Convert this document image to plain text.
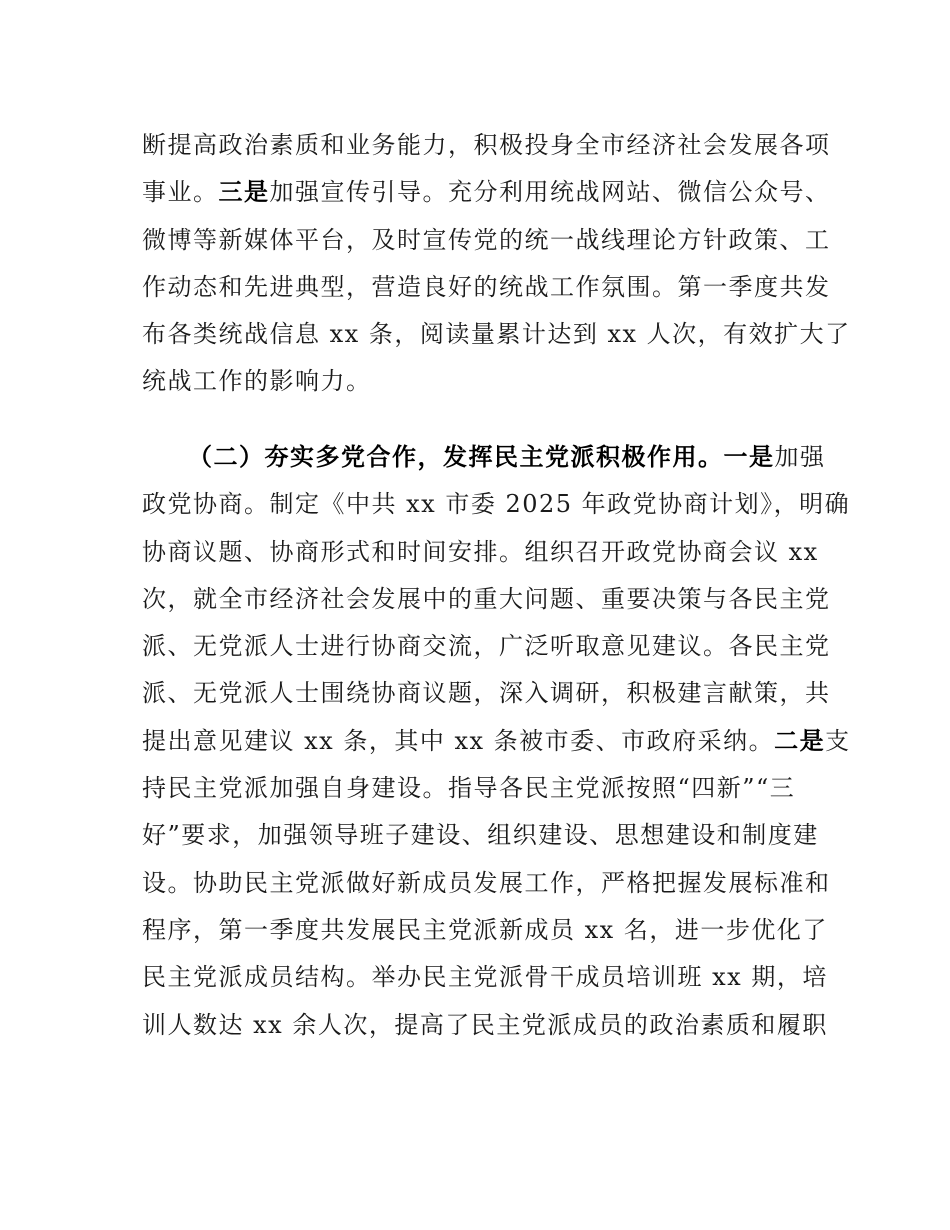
断提高政治素质和业务能力，积极投身全市经济社会发展各项
事业。三是加强宣传引导。充分利用统战网站、微信公众号、
微博等新媒体平台，及时宣传党的统一战线理论方针政策、工
作动态和先进典型，营造良好的统战工作氛围。第一季度共发
布各类统战信息 xx 条，阅读量累计达到 xx 人次，有效扩大了
统战工作的影响力。
（二）夯实多党合作，发挥民主党派积极作用。一是加强
政党协商。制定《中共 xx 市委 2025 年政党协商计划》，明确
协商议题、协商形式和时间安排。组织召开政党协商会议 xx
次，就全市经济社会发展中的重大问题、重要决策与各民主党
派、无党派人士进行协商交流，广泛听取意见建议。各民主党
派、无党派人士围绕协商议题，深入调研，积极建言献策，共
提出意见建议 xx 条，其中 xx 条被市委、市政府采纳。二是支
持民主党派加强自身建设。指导各民主党派按照“四新”“三
好”要求，加强领导班子建设、组织建设、思想建设和制度建
设。协助民主党派做好新成员发展工作，严格把握发展标准和
程序，第一季度共发展民主党派新成员 xx 名，进一步优化了
民主党派成员结构。举办民主党派骨干成员培训班 xx 期，培
训人数达 xx 余人次，提高了民主党派成员的政治素质和履职
